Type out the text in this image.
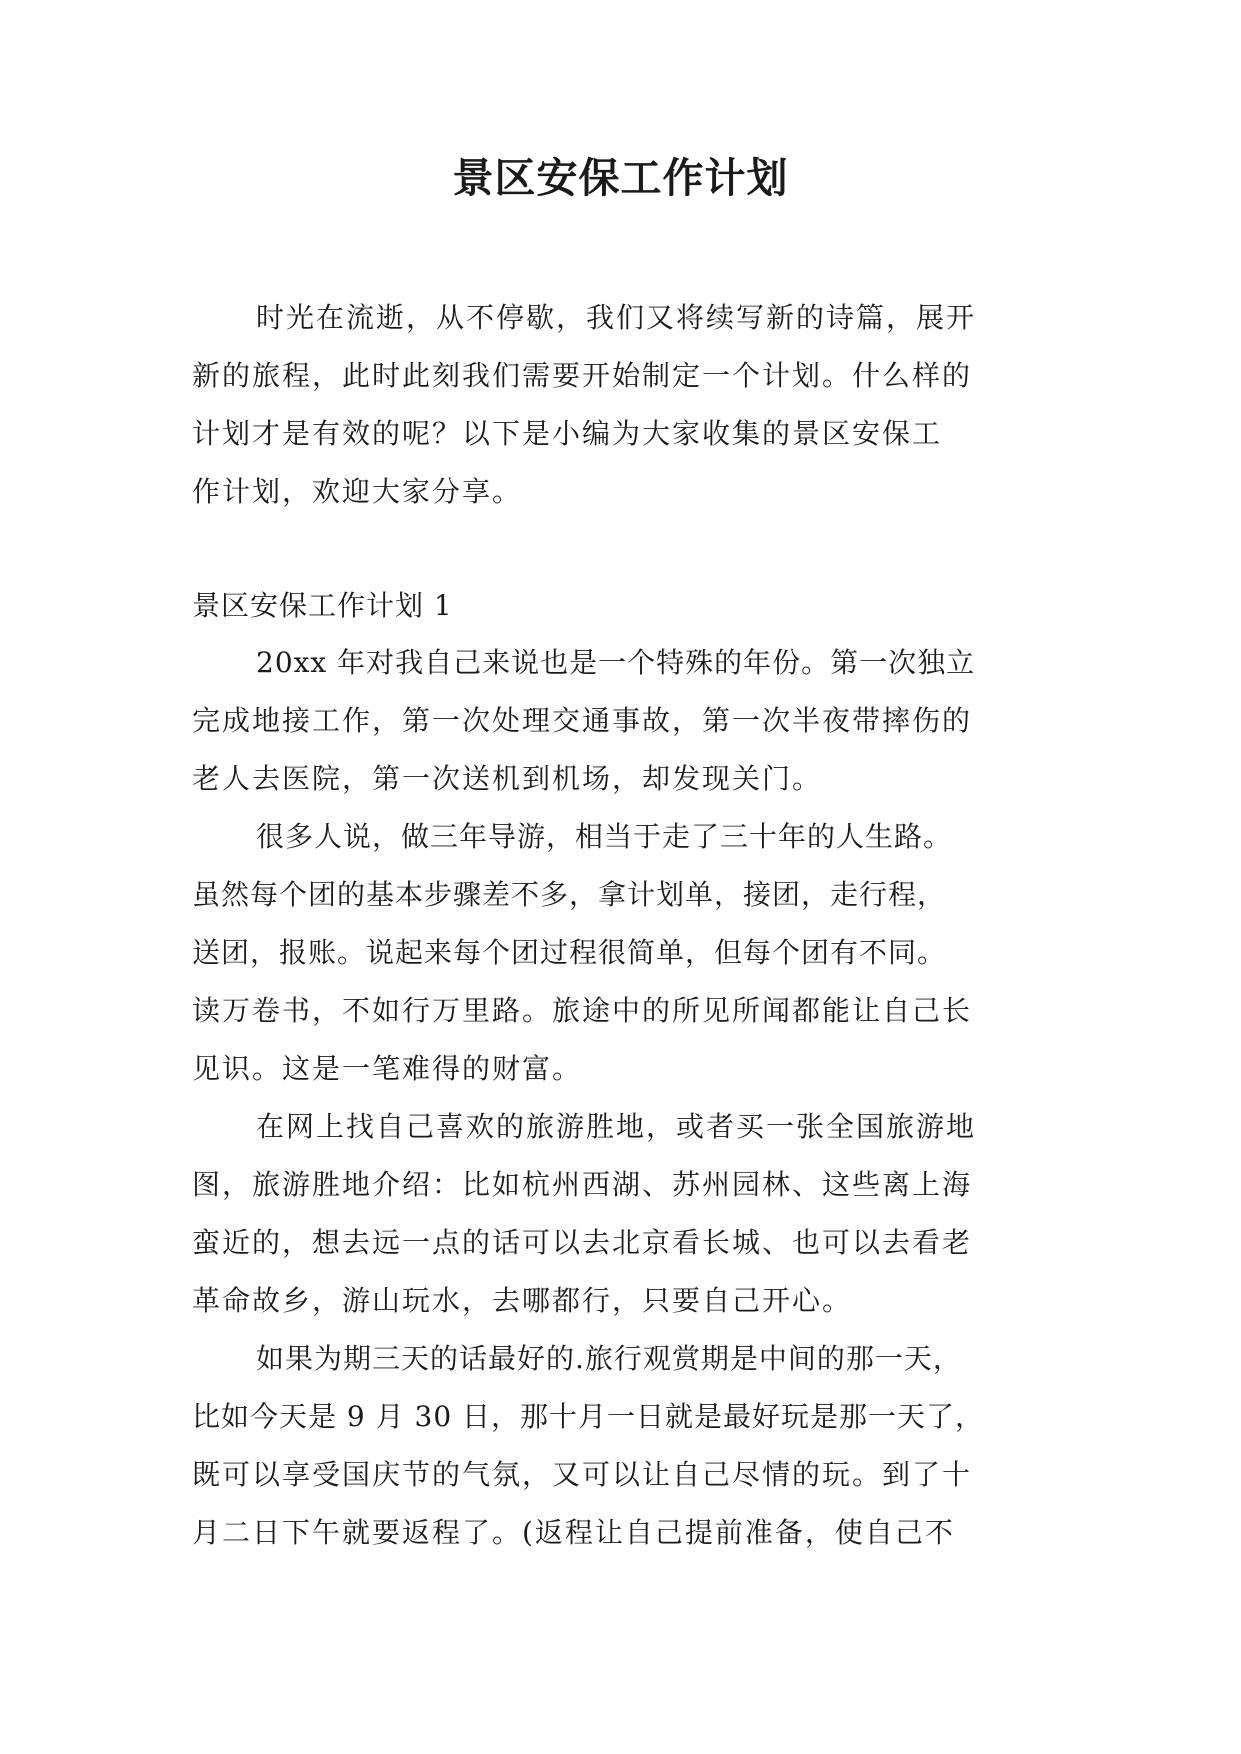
景区安保工作计划
时光在流逝，从不停歇，我们又将续写新的诗篇，展开
新的旅程，此时此刻我们需要开始制定一个计划。什么样的
计划才是有效的呢？以下是小编为大家收集的景区安保工
作计划，欢迎大家分享。
景区安保工作计划 1
20xx 年对我自己来说也是一个特殊的年份。第一次独立
完成地接工作，第一次处理交通事故，第一次半夜带摔伤的
老人去医院，第一次送机到机场，却发现关门。
很多人说，做三年导游，相当于走了三十年的人生路。
虽然每个团的基本步骤差不多，拿计划单，接团，走行程，
送团，报账。说起来每个团过程很简单，但每个团有不同。
读万卷书，不如行万里路。旅途中的所见所闻都能让自己长
见识。这是一笔难得的财富。
在网上找自己喜欢的旅游胜地，或者买一张全国旅游地
图，旅游胜地介绍：比如杭州西湖、苏州园林、这些离上海
蛮近的，想去远一点的话可以去北京看长城、也可以去看老
革命故乡，游山玩水，去哪都行，只要自己开心。
如果为期三天的话最好的.旅行观赏期是中间的那一天，
比如今天是 9 月 30 日，那十月一日就是最好玩是那一天了，
既可以享受国庆节的气氛，又可以让自己尽情的玩。到了十
月二日下午就要返程了。(返程让自己提前准备，使自己不
